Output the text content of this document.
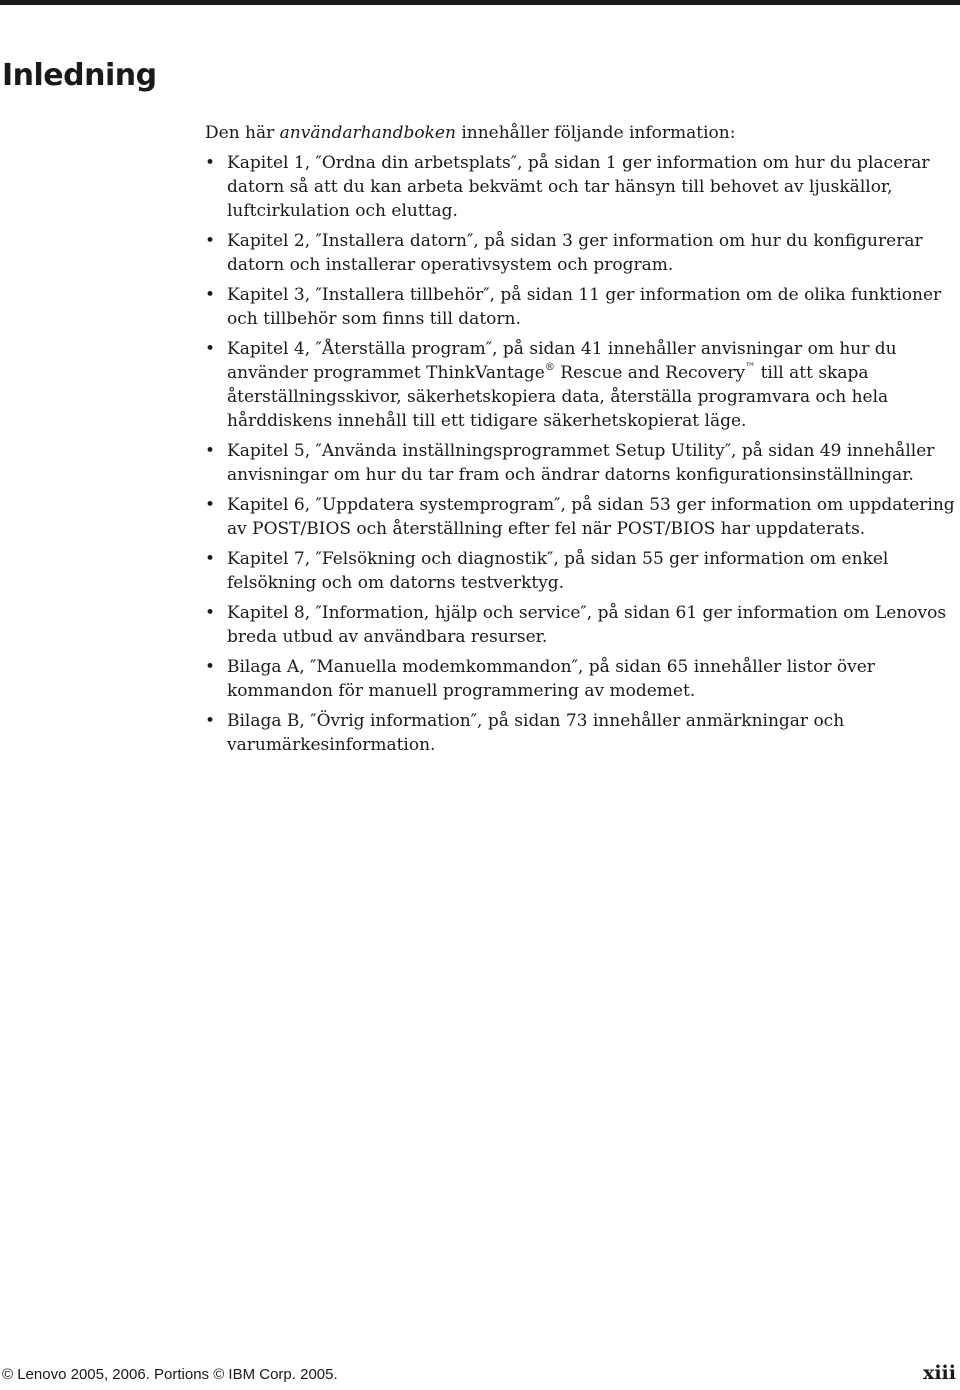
Inledning

Den här användarhandboken innehåller följande information:

• Kapitel 1, ″Ordna din arbetsplats″, på sidan 1 ger information om hur du placerar datorn så att du kan arbeta bekvämt och tar hänsyn till behovet av ljuskällor, luftcirkulation och eluttag.
• Kapitel 2, ″Installera datorn″, på sidan 3 ger information om hur du konfigurerar datorn och installerar operativsystem och program.
• Kapitel 3, ″Installera tillbehör″, på sidan 11 ger information om de olika funktioner och tillbehör som finns till datorn.
• Kapitel 4, ″Återställa program″, på sidan 41 innehåller anvisningar om hur du använder programmet ThinkVantage® Rescue and Recovery™ till att skapa återställningsskivor, säkerhetskopiera data, återställa programvara och hela hårddiskens innehåll till ett tidigare säkerhetskopierat läge.
• Kapitel 5, ″Använda inställningsprogrammet Setup Utility″, på sidan 49 innehåller anvisningar om hur du tar fram och ändrar datorns konfigurationsinställningar.
• Kapitel 6, ″Uppdatera systemprogram″, på sidan 53 ger information om uppdatering av POST/BIOS och återställning efter fel när POST/BIOS har uppdaterats.
• Kapitel 7, ″Felsökning och diagnostik″, på sidan 55 ger information om enkel felsökning och om datorns testverktyg.
• Kapitel 8, ″Information, hjälp och service″, på sidan 61 ger information om Lenovos breda utbud av användbara resurser.
• Bilaga A, ″Manuella modemkommandon″, på sidan 65 innehåller listor över kommandon för manuell programmering av modemet.
• Bilaga B, ″Övrig information″, på sidan 73 innehåller anmärkningar och varumärkesinformation.
© Lenovo 2005, 2006. Portions © IBM Corp. 2005.	xiii
